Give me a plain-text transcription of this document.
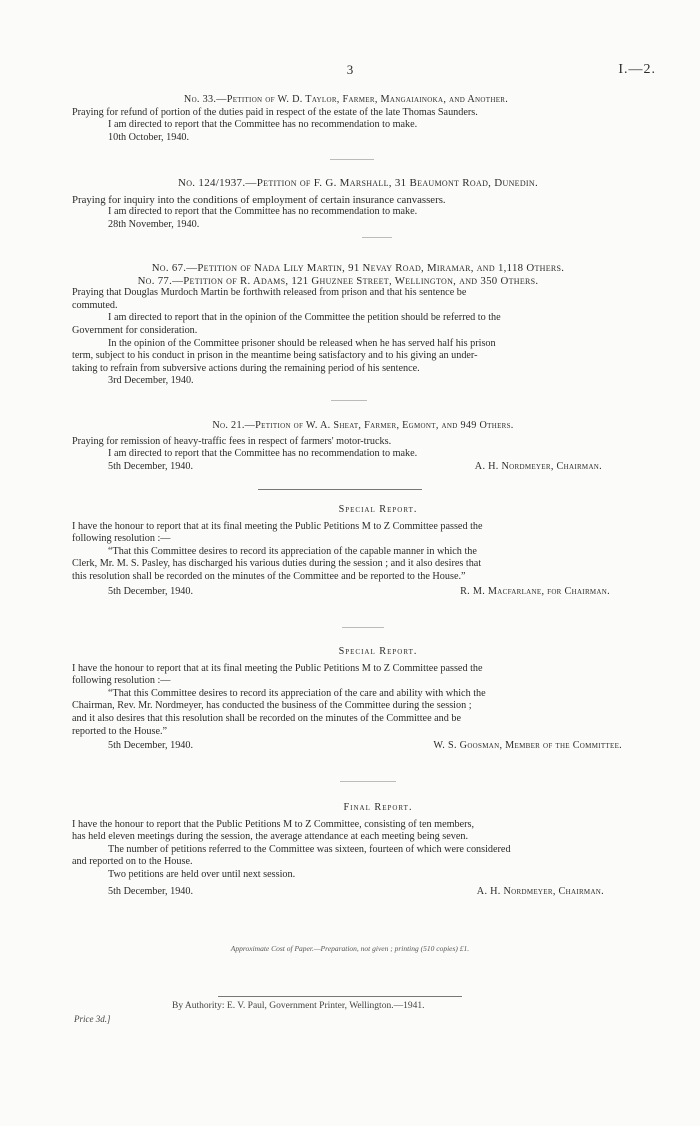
3	I.—2.
No. 33.—Petition of W. D. Taylor, Farmer, Mangaiainoka, and Another.
Praying for refund of portion of the duties paid in respect of the estate of the late Thomas Saunders.
I am directed to report that the Committee has no recommendation to make.
10th October, 1940.
No. 124/1937.—Petition of F. G. Marshall, 31 Beaumont Road, Dunedin.
Praying for inquiry into the conditions of employment of certain insurance canvassers.
I am directed to report that the Committee has no recommendation to make.
28th November, 1940.
No. 67.—Petition of Nada Lily Martin, 91 Nevay Road, Miramar, and 1,118 Others.
No. 77.—Petition of R. Adams, 121 Ghuznee Street, Wellington, and 350 Others.
Praying that Douglas Murdoch Martin be forthwith released from prison and that his sentence be
commuted.
I am directed to report that in the opinion of the Committee the petition should be referred to the
Government for consideration.
In the opinion of the Committee prisoner should be released when he has served half his prison
term, subject to his conduct in prison in the meantime being satisfactory and to his giving an under-
taking to refrain from subversive actions during the remaining period of his sentence.
3rd December, 1940.
No. 21.—Petition of W. A. Sheat, Farmer, Egmont, and 949 Others.
Praying for remission of heavy-traffic fees in respect of farmers' motor-trucks.
I am directed to report that the Committee has no recommendation to make.
5th December, 1940.	A. H. Nordmeyer, Chairman.
Special Report.
I have the honour to report that at its final meeting the Public Petitions M to Z Committee passed the
following resolution :—
“That this Committee desires to record its appreciation of the capable manner in which the
Clerk, Mr. M. S. Pasley, has discharged his various duties during the session ; and it also desires that
this resolution shall be recorded on the minutes of the Committee and be reported to the House.”
5th December, 1940.	R. M. Macfarlane, for Chairman.
Special Report.
I have the honour to report that at its final meeting the Public Petitions M to Z Committee passed the
following resolution :—
“That this Committee desires to record its appreciation of the care and ability with which the
Chairman, Rev. Mr. Nordmeyer, has conducted the business of the Committee during the session ;
and it also desires that this resolution shall be recorded on the minutes of the Committee and be
reported to the House.”
5th December, 1940.	W. S. Goosman, Member of the Committee.
Final Report.
I have the honour to report that the Public Petitions M to Z Committee, consisting of ten members,
has held eleven meetings during the session, the average attendance at each meeting being seven.
The number of petitions referred to the Committee was sixteen, fourteen of which were considered
and reported on to the House.
Two petitions are held over until next session.
5th December, 1940.	A. H. Nordmeyer, Chairman.
Approximate Cost of Paper.—Preparation, not given ; printing (510 copies) £1.
By Authority: E. V. Paul, Government Printer, Wellington.—1941.
Price 3d.]
